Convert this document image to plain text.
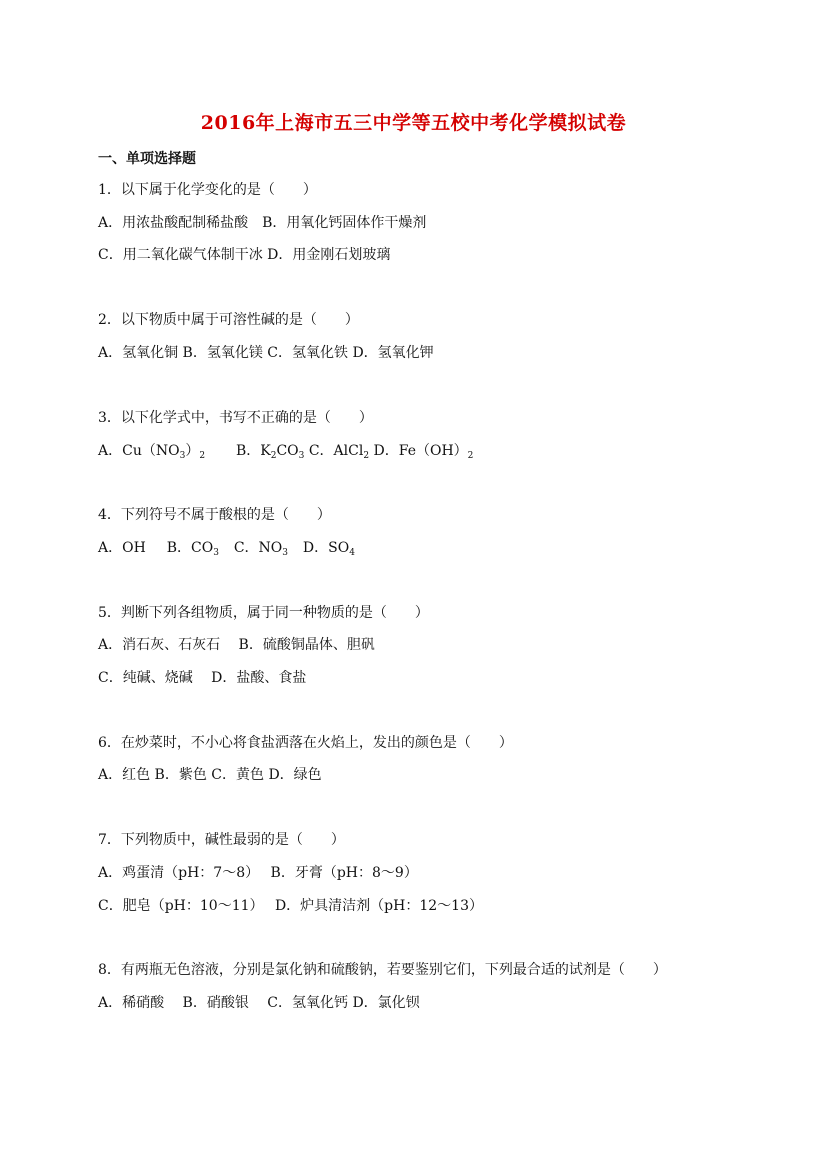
2016年上海市五三中学等五校中考化学模拟试卷
一、单项选择题
1．以下属于化学变化的是（　　）
A．用浓盐酸配制稀盐酸　B．用氧化钙固体作干燥剂
C．用二氧化碳气体制干冰 D．用金刚石划玻璃
2．以下物质中属于可溶性碱的是（　　）
A．氢氧化铜 B．氢氧化镁 C．氢氧化铁 D．氢氧化钾
3．以下化学式中，书写不正确的是（　　）
A．$Cu(NO_3)_2$ B．$K_2CO_3$ C．AlCl$_2$ D．$Fe(OH)_2$
4．下列符号不属于酸根的是（　　）
A．OH B．$CO_3$ C．$NO_3$ D．$SO_4$
5．判断下列各组物质，属于同一种物质的是（　　）
A．消石灰、石灰石　 B．硫酸铜晶体、胆矾
C．纯碱、烧碱　 D．盐酸、食盐
6．在炒菜时，不小心将食盐洒落在火焰上，发出的颜色是（　　）
A．红色 B．紫色 C．黄色 D．绿色
7．下列物质中，碱性最弱的是（　　）
A．鸡蛋清（pH：7～8）　 B．牙膏（pH：8～9）
C．肥皂（pH：10～11）　 D．炉具清洁剂（pH：12～13）
8．有两瓶无色溶液，分别是氯化钠和硫酸钠，若要鉴别它们，下列最合适的试剂是（　　）
A．稀硝酸　 B．硝酸银　 C．氢氧化钙 D．氯化钡
